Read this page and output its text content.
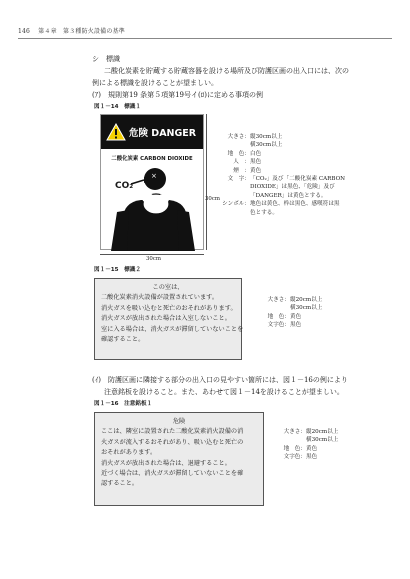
146 第４章　第３種防火設備の基準
シ　標識
二酸化炭素を貯蔵する貯蔵容器を設ける場所及び防護区画の出入口には、次の
例による標識を設けることが望ましい。
(ｱ)　規則第19 条第５項第19号イ(ﾛ)に定める事項の例
図１－14　標識１
危険 DANGER
二酸化炭素 CARBON DIOXIDE
×
CO₂
30cm
30cm
大きさ： 縦30cm以上
横30cm以上
地　色： 白色
人　： 黒色
煙　： 黄色
文　字： 「CO₂」及び「二酸化炭素 CARBON
DIOXIDE」は黒色、「危険」及び
「DANGER」は黄色とする。
シンボル： 地色は黄色、枠は黒色、感嘆符は黒
色とする。
図１－15　標識２
この室は、

二酸化炭素消火設備が設置されています。

消火ガスを吸い込むと死亡のおそれがあります。

消火ガスが放出された場合は入室しないこと。

室に入る場合は、消火ガスが滞留していないことを

確認すること。

大きさ： 縦20cm以上
横30cm以上
地　色： 黄色
文字色： 黒色
(ｲ)　防護区画に隣接する部分の出入口の見やすい箇所には、図１－16の例により
注意銘板を設けること。また、あわせて図１－14を設けることが望ましい。
図１－16　注意銘板１
危険

ここは、隣室に設置された二酸化炭素消火設備の消

火ガスが流入するおそれがあり、吸い込むと死亡の

おそれがあります。

消火ガスが放出された場合は、退避すること。

近づく場合は、消火ガスが滞留していないことを確

認すること。

大きさ： 縦20cm以上
横30cm以上
地　色： 黄色
文字色： 黒色
